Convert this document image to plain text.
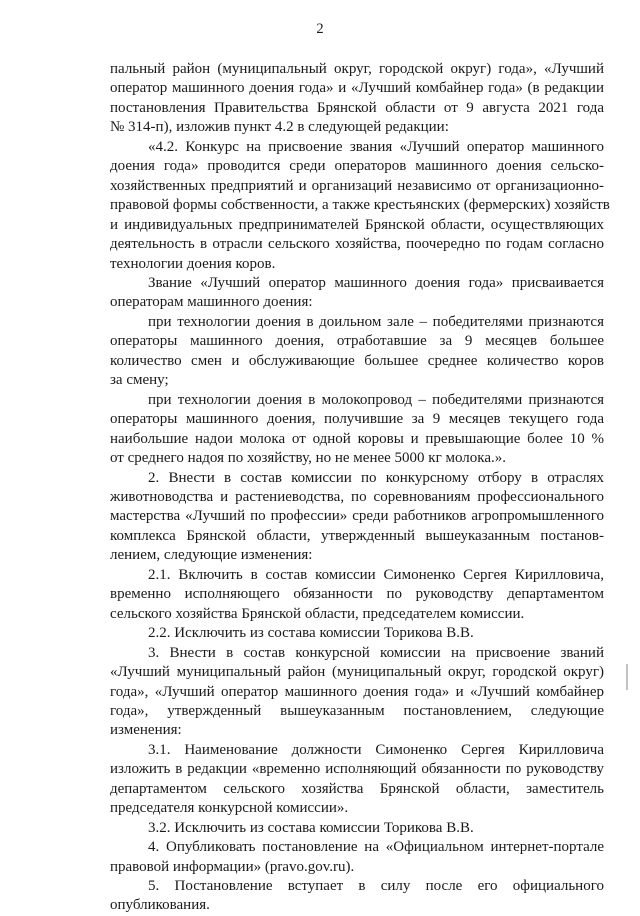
2

пальный район (муниципальный округ, городской округ) года», «Лучший
оператор машинного доения года» и «Лучший комбайнер года» (в редакции
постановления Правительства Брянской области от 9 августа 2021 года
№ 314-п), изложив пункт 4.2 в следующей редакции:

«4.2. Конкурс на присвоение звания «Лучший оператор машинного
доения года» проводится среди операторов машинного доения сельско-
хозяйственных предприятий и организаций независимо от организационно-
правовой формы собственности, а также крестьянских (фермерских) хозяйств
и индивидуальных предпринимателей Брянской области, осуществляющих
деятельность в отрасли сельского хозяйства, поочередно по годам согласно
технологии доения коров.

Звание «Лучший оператор машинного доения года» присваивается
операторам машинного доения:

при технологии доения в доильном зале – победителями признаются
операторы машинного доения, отработавшие за 9 месяцев большее
количество смен и обслуживающие большее среднее количество коров
за смену;

при технологии доения в молокопровод – победителями признаются
операторы машинного доения, получившие за 9 месяцев текущего года
наибольшие надои молока от одной коровы и превышающие более 10 %
от среднего надоя по хозяйству, но не менее 5000 кг молока.».

2. Внести в состав комиссии по конкурсному отбору в отраслях
животноводства и растениеводства, по соревнованиям профессионального
мастерства «Лучший по профессии» среди работников агропромышленного
комплекса Брянской области, утвержденный вышеуказанным постанов-
лением, следующие изменения:

2.1. Включить в состав комиссии Симоненко Сергея Кирилловича,
временно исполняющего обязанности по руководству департаментом
сельского хозяйства Брянской области, председателем комиссии.

2.2. Исключить из состава комиссии Торикова В.В.

3. Внести в состав конкурсной комиссии на присвоение званий
«Лучший муниципальный район (муниципальный округ, городской округ)
года», «Лучший оператор машинного доения года» и «Лучший комбайнер
года», утвержденный вышеуказанным постановлением, следующие
изменения:

3.1. Наименование должности Симоненко Сергея Кирилловича
изложить в редакции «временно исполняющий обязанности по руководству
департаментом сельского хозяйства Брянской области, заместитель
председателя конкурсной комиссии».

3.2. Исключить из состава комиссии Торикова В.В.

4. Опубликовать постановление на «Официальном интернет-портале
правовой информации» (pravo.gov.ru).

5. Постановление вступает в силу после его официального
опубликования.
